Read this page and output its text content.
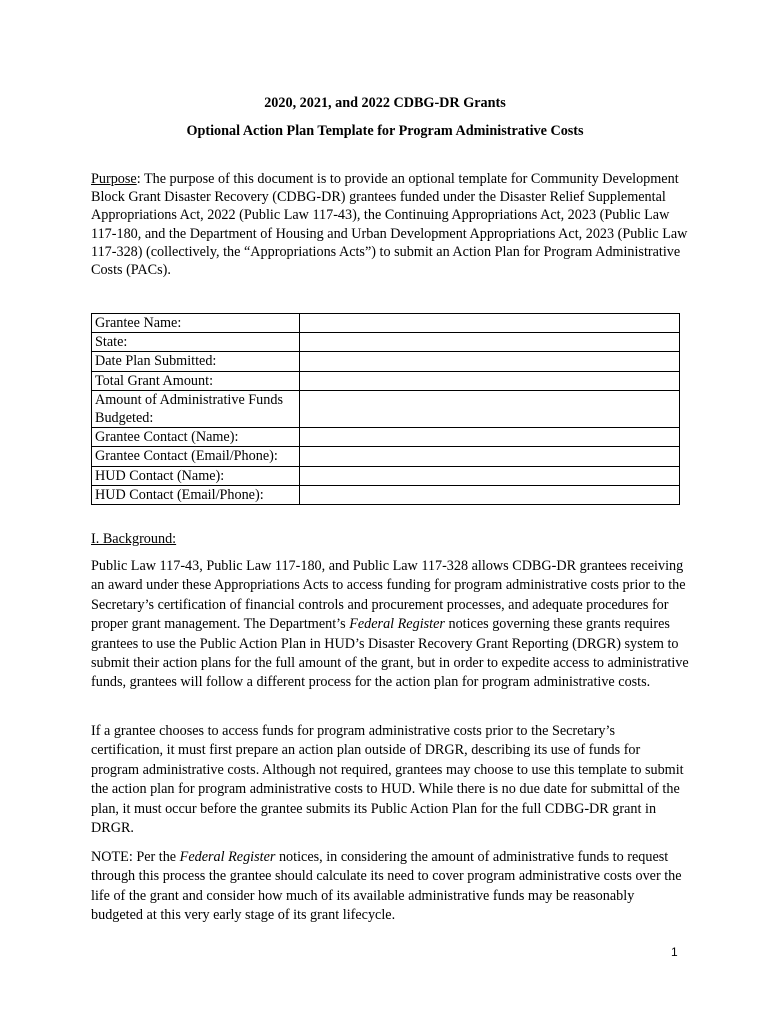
2020, 2021, and 2022 CDBG-DR Grants
Optional Action Plan Template for Program Administrative Costs

Purpose: The purpose of this document is to provide an optional template for Community Development Block Grant Disaster Recovery (CDBG-DR) grantees funded under the Disaster Relief Supplemental Appropriations Act, 2022 (Public Law 117-43), the Continuing Appropriations Act, 2023 (Public Law 117-180, and the Department of Housing and Urban Development Appropriations Act, 2023 (Public Law 117-328) (collectively, the “Appropriations Acts”) to submit an Action Plan for Program Administrative Costs (PACs).

Grantee Name:	
State:	
Date Plan Submitted:	
Total Grant Amount:	
Amount of Administrative Funds Budgeted:	
Grantee Contact (Name):	
Grantee Contact (Email/Phone):	
HUD Contact (Name):	
HUD Contact (Email/Phone):	

I. Background:

Public Law 117-43, Public Law 117-180, and Public Law 117-328 allows CDBG-DR grantees receiving an award under these Appropriations Acts to access funding for program administrative costs prior to the Secretary’s certification of financial controls and procurement processes, and adequate procedures for proper grant management. The Department’s Federal Register notices governing these grants requires grantees to use the Public Action Plan in HUD’s Disaster Recovery Grant Reporting (DRGR) system to submit their action plans for the full amount of the grant, but in order to expedite access to administrative funds, grantees will follow a different process for the action plan for program administrative costs.

If a grantee chooses to access funds for program administrative costs prior to the Secretary’s certification, it must first prepare an action plan outside of DRGR, describing its use of funds for program administrative costs. Although not required, grantees may choose to use this template to submit the action plan for program administrative costs to HUD. While there is no due date for submittal of the plan, it must occur before the grantee submits its Public Action Plan for the full CDBG-DR grant in DRGR.

NOTE: Per the Federal Register notices, in considering the amount of administrative funds to request through this process the grantee should calculate its need to cover program administrative costs over the life of the grant and consider how much of its available administrative funds may be reasonably budgeted at this very early stage of its grant lifecycle.

1
